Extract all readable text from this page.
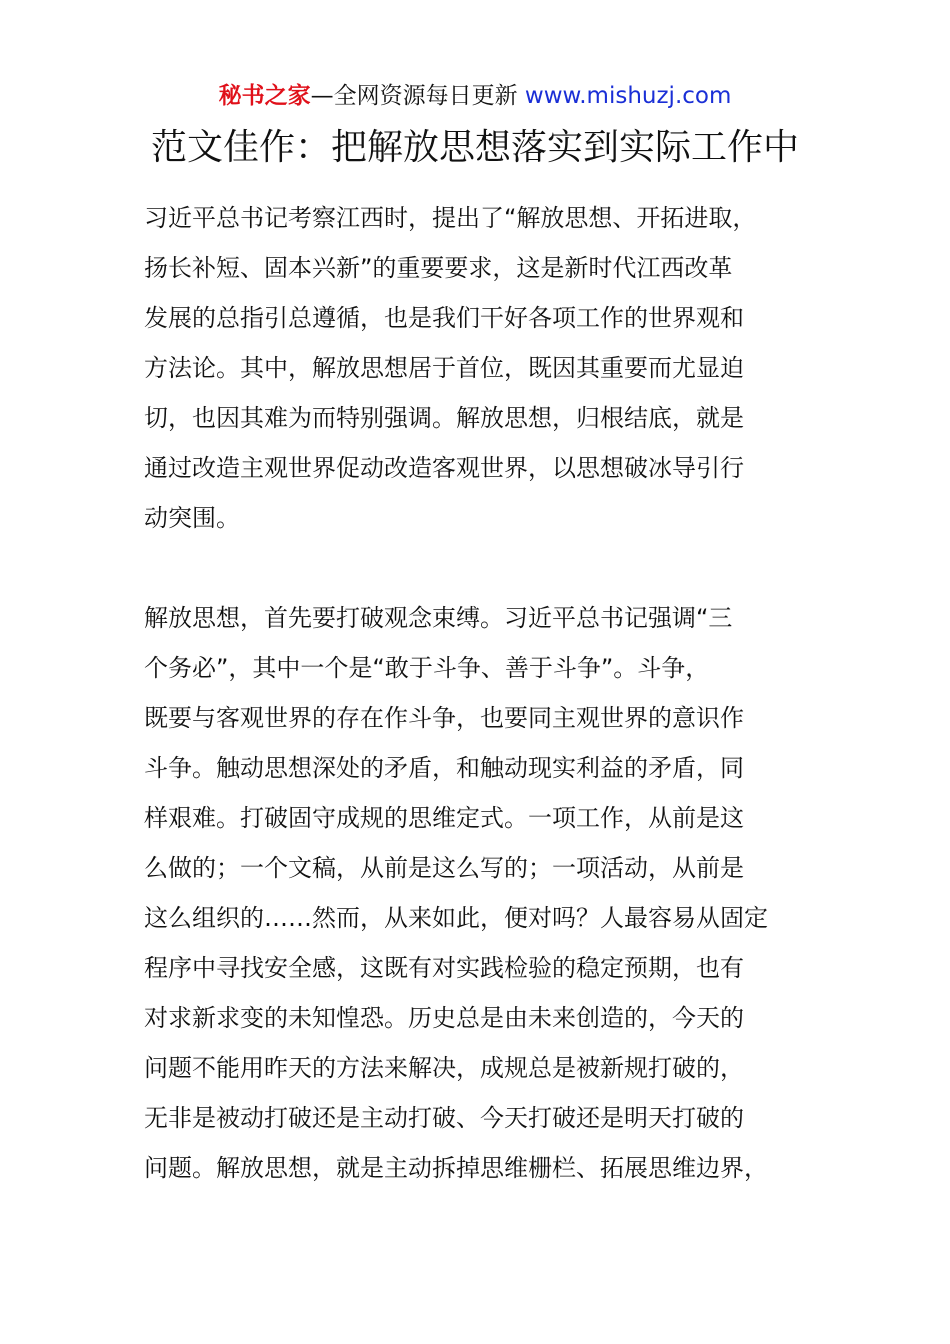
秘书之家—全网资源每日更新 www.mishuzj.com
范文佳作：把解放思想落实到实际工作中
习近平总书记考察江西时，提出了“解放思想、开拓进取，
扬长补短、固本兴新”的重要要求，这是新时代江西改革
发展的总指引总遵循，也是我们干好各项工作的世界观和
方法论。其中，解放思想居于首位，既因其重要而尤显迫
切，也因其难为而特别强调。解放思想，归根结底，就是
通过改造主观世界促动改造客观世界，以思想破冰导引行
动突围。
解放思想，首先要打破观念束缚。习近平总书记强调“三
个务必”，其中一个是“敢于斗争、善于斗争”。斗争，
既要与客观世界的存在作斗争，也要同主观世界的意识作
斗争。触动思想深处的矛盾，和触动现实利益的矛盾，同
样艰难。打破固守成规的思维定式。一项工作，从前是这
么做的；一个文稿，从前是这么写的；一项活动，从前是
这么组织的……然而，从来如此，便对吗？人最容易从固定
程序中寻找安全感，这既有对实践检验的稳定预期，也有
对求新求变的未知惶恐。历史总是由未来创造的，今天的
问题不能用昨天的方法来解决，成规总是被新规打破的，
无非是被动打破还是主动打破、今天打破还是明天打破的
问题。解放思想，就是主动拆掉思维栅栏、拓展思维边界，
